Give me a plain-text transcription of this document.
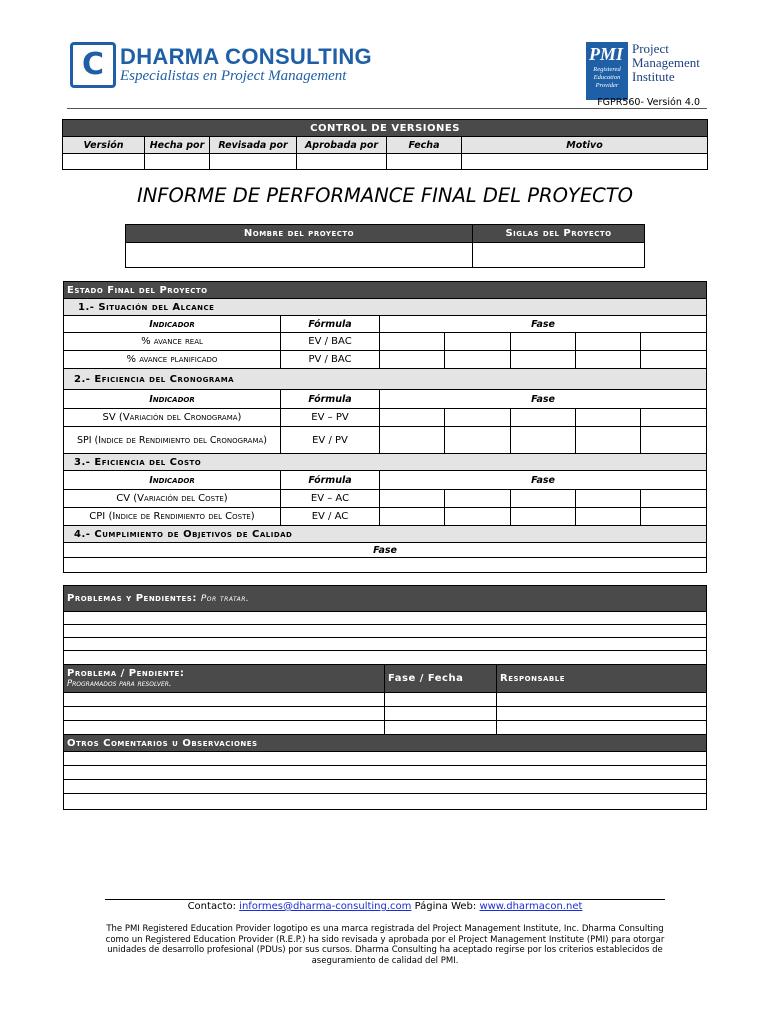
C DHARMA CONSULTING
Especialistas en Project Management
PMI
Registered Education Provider
Project Management Institute
FGPR560- Versión 4.0
CONTROL DE VERSIONES					
Versión	Hecha por	Revisada por	Aprobada por	Fecha	Motivo

INFORME DE PERFORMANCE FINAL DEL PROYECTO
Nombre del proyecto	Siglas del Proyecto

Estado Final del Proyecto						
1.- Situación del Alcance						
Indicador	Fórmula	Fase				
% avance real	EV / BAC					
% avance planificado	PV / BAC					
2.- Eficiencia del Cronograma						
Indicador	Fórmula	Fase				
SV (Variación del Cronograma)	EV – PV					
SPI (Indice de Rendimiento del Cronograma)	EV / PV					
3.- Eficiencia del Costo						
Indicador	Fórmula	Fase				
CV (Variación del Coste)	EV – AC					
CPI (Indice de Rendimiento del Coste)	EV / AC					
4.- Cumplimiento de Objetivos de Calidad						
Fase						

Problemas y Pendientes: Por tratar.		

Problema / Pendiente:
Programados para resolver.	Fase / Fecha	Responsable

Otros Comentarios u Observaciones		

Contacto: informes@dharma-consulting.com Página Web: www.dharmacon.net
The PMI Registered Education Provider logotipo es una marca registrada del Project Management Institute, Inc. Dharma Consulting como un Registered Education Provider (R.E.P.) ha sido revisada y aprobada por el Project Management Institute (PMI) para otorgar unidades de desarrollo profesional (PDUs) por sus cursos. Dharma Consulting ha aceptado regirse por los criterios establecidos de aseguramiento de calidad del PMI.
